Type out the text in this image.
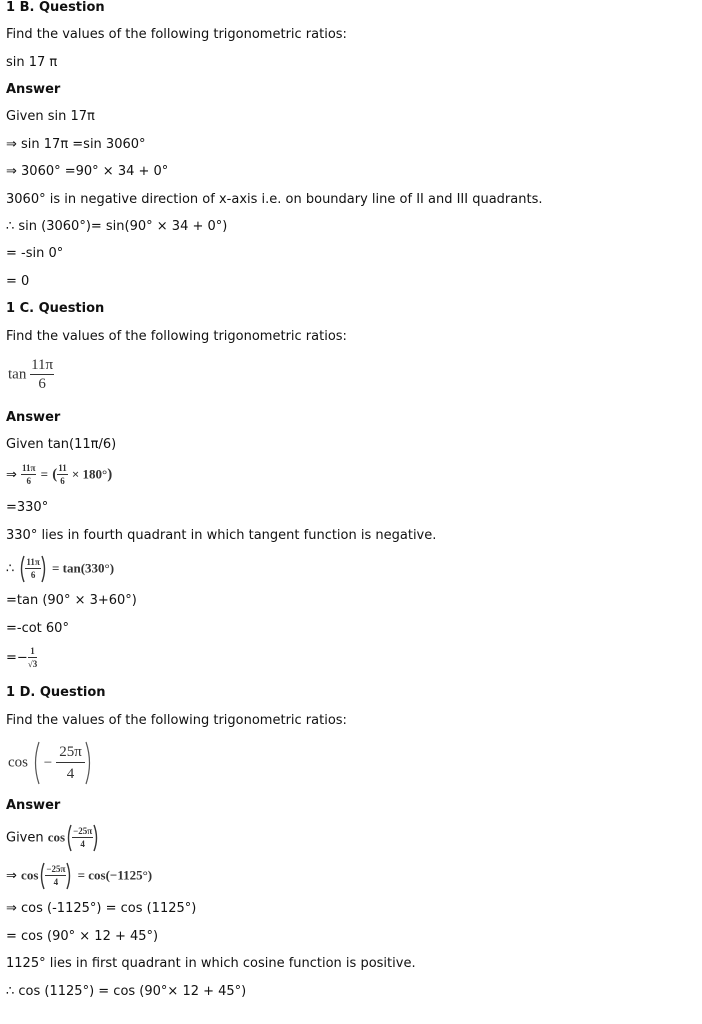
1 B. Question
Find the values of the following trigonometric ratios:
sin 17 π
Answer
Given sin 17π
⇒ sin 17π =sin 3060°
⇒ 3060° =90° × 34 + 0°
3060° is in negative direction of x-axis i.e. on boundary line of II and III quadrants.
∴ sin (3060°)= sin(90° × 34 + 0°)
= -sin 0°
= 0
1 C. Question
Find the values of the following trigonometric ratios:
$\tan \frac{11\pi}{6}$
Answer
Given tan(11π/6)
⇒ $\frac{11\pi}{6}$ = ( $\frac{11}{6} \times 180^\circ$)
=330°
330° lies in fourth quadrant in which tangent function is negative.
∴ $\frac{11\pi}{6} = \tan(330^\circ)$
=tan (90° × 3+60°)
=-cot 60°
=− $\frac{1}{√3}$
1 D. Question
Find the values of the following trigonometric ratios:
$\cos - \frac{25\pi}{4}$
Answer
Given $\cos \frac{-25\pi}{4}$
⇒ $\cos \frac{-25\pi}{4} = \cos(-1125^\circ)$
⇒ cos (-1125°) = cos (1125°)
= cos (90° × 12 + 45°)
1125° lies in first quadrant in which cosine function is positive.
∴ cos (1125°) = cos (90°× 12 + 45°)
